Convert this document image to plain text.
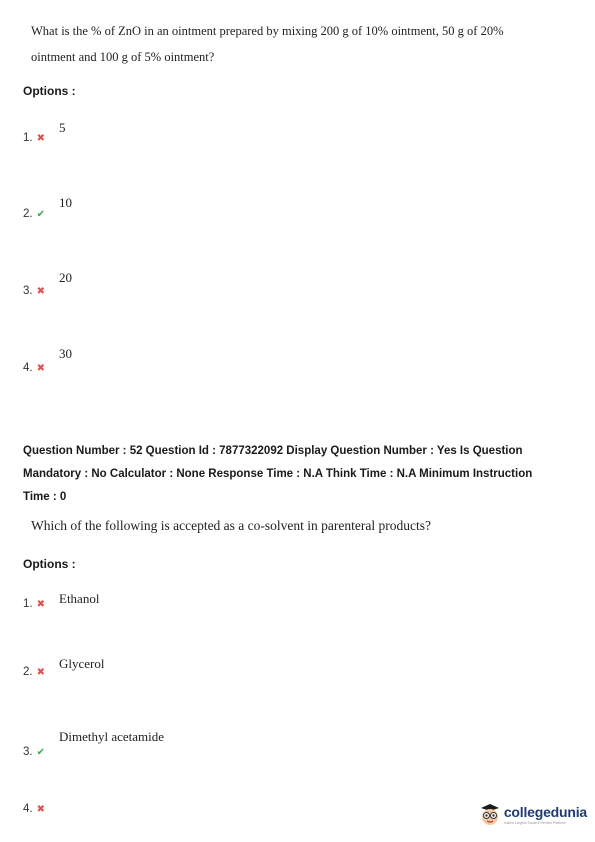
What is the % of ZnO in an ointment prepared by mixing 200 g of 10% ointment, 50 g of 20%
ointment and 100 g of 5% ointment?
Options :
5
1. ✖
10
2. ✔
20
3. ✖
30
4. ✖
Question Number : 52 Question Id : 7877322092 Display Question Number : Yes Is Question
Mandatory : No Calculator : None Response Time : N.A Think Time : N.A Minimum Instruction
Time : 0
Which of the following is accepted as a co-solvent in parenteral products?
Options :
Ethanol
1. ✖
Glycerol
2. ✖
Dimethyl acetamide
3. ✔
4. ✖	collegedunia
India's Largest Student Review Platform
